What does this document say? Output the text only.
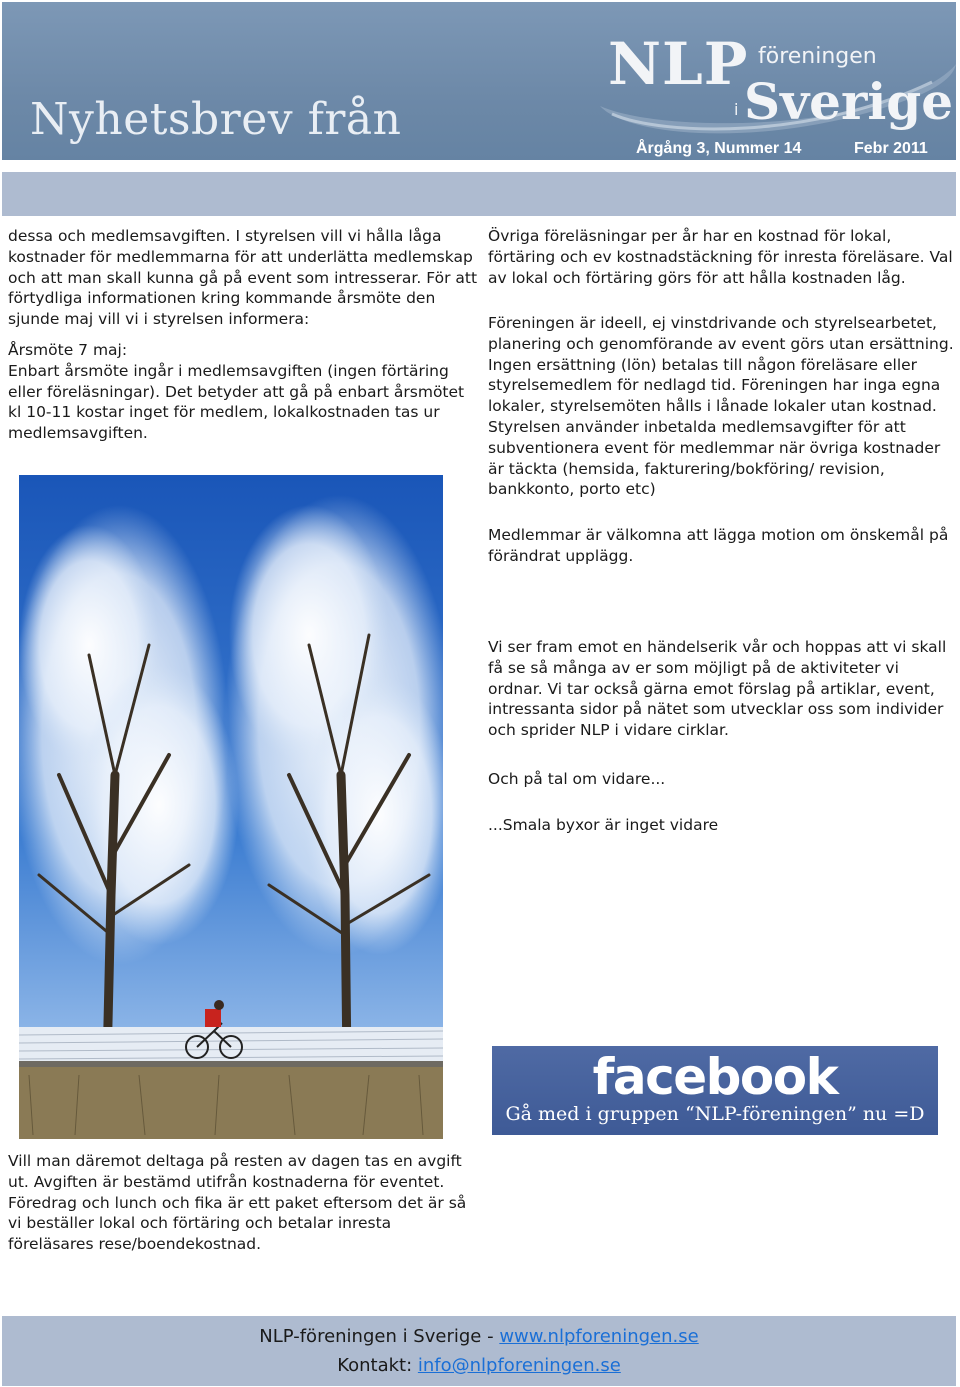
Nyhetsbrev från
NLP föreningen
i Sverige
Årgång 3, Nummer 14	Febr 2011

dessa och medlemsavgiften. I styrelsen vill vi hålla låga kostnader för medlemmarna för att underlätta medlemskap och att man skall kunna gå på event som intresserar. För att förtydliga informationen kring kommande årsmöte den sjunde maj vill vi i styrelsen informera:

Årsmöte 7 maj:

Enbart årsmöte ingår i medlemsavgiften (ingen förtäring eller föreläsningar). Det betyder att gå på enbart årsmötet kl 10-11 kostar inget för medlem, lokalkostnaden tas ur medlemsavgiften.

Vill man däremot deltaga på resten av dagen tas en avgift ut. Avgiften är bestämd utifrån kostnaderna för eventet. Föredrag och lunch och fika är ett paket eftersom det är så vi beställer lokal och förtäring och betalar inresta föreläsares rese/boendekostnad.

Övriga föreläsningar per år har en kostnad för lokal, förtäring och ev kostnadstäckning för inresta föreläsare. Val av lokal och förtäring görs för att hålla kostnaden låg.

Föreningen är ideell, ej vinstdrivande och styrelsearbetet, planering och genomförande av event görs utan ersättning. Ingen ersättning (lön) betalas till någon föreläsare eller styrelsemedlem för nedlagd tid. Föreningen har inga egna lokaler, styrelsemöten hålls i lånade lokaler utan kostnad. Styrelsen använder inbetalda medlemsavgifter för att subventionera event för medlemmar när övriga kostnader är täckta (hemsida, fakturering/bokföring/ revision, bankkonto, porto etc)

Medlemmar är välkomna att lägga motion om önskemål på förändrat upplägg.

Vi ser fram emot en händelserik vår och hoppas att vi skall få se så många av er som möjligt på de aktiviteter vi ordnar. Vi tar också gärna emot förslag på artiklar, event, intressanta sidor på nätet som utvecklar oss som individer och sprider NLP i vidare cirklar.

Och på tal om vidare...

...Smala byxor är inget vidare

facebook
Gå med i gruppen “NLP-föreningen” nu =D
NLP-föreningen i Sverige - www.nlpforeningen.se
Kontakt: info@nlpforeningen.se
